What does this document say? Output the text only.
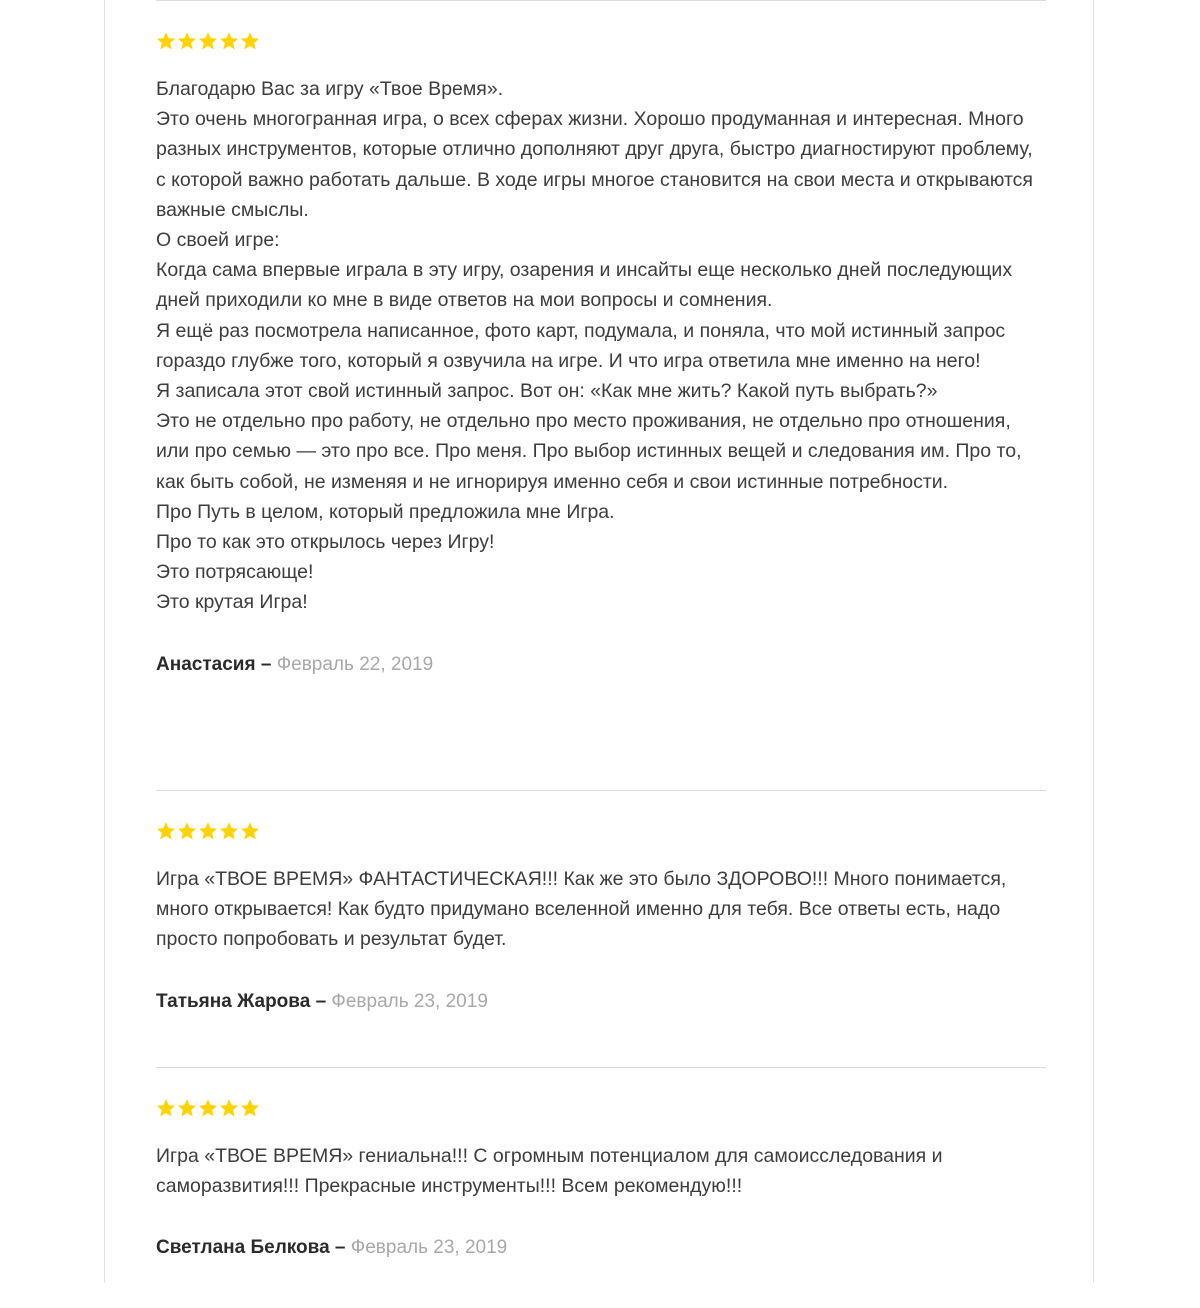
Благодарю Вас за игру «Твое Время».

Это очень многогранная игра, о всех сферах жизни. Хорошо продуманная и интересная. Много разных инструментов, которые отлично дополняют друг друга, быстро диагностируют проблему, с которой важно работать дальше. В ходе игры многое становится на свои места и открываются важные смыслы.

О своей игре:

Когда сама впервые играла в эту игру, озарения и инсайты еще несколько дней последующих дней приходили ко мне в виде ответов на мои вопросы и сомнения.

Я ещё раз посмотрела написанное, фото карт, подумала, и поняла, что мой истинный запрос гораздо глубже того, который я озвучила на игре. И что игра ответила мне именно на него!

Я записала этот свой истинный запрос. Вот он: «Как мне жить? Какой путь выбрать?»

Это не отдельно про работу, не отдельно про место проживания, не отдельно про отношения, или про семью — это про все. Про меня. Про выбор истинных вещей и следования им. Про то, как быть собой, не изменяя и не игнорируя именно себя и свои истинные потребности.

Про Путь в целом, который предложила мне Игра.

Про то как это открылось через Игру!

Это потрясающе!

Это крутая Игра!

Анастасия – Февраль 22, 2019

Игра «ТВОЕ ВРЕМЯ» ФАНТАСТИЧЕСКАЯ!!! Как же это было ЗДОРОВО!!! Много понимается, много открывается! Как будто придумано вселенной именно для тебя. Все ответы есть, надо просто попробовать и результат будет.

Татьяна Жарова – Февраль 23, 2019

Игра «ТВОЕ ВРЕМЯ» гениальна!!! С огромным потенциалом для самоисследования и саморазвития!!! Прекрасные инструменты!!! Всем рекомендую!!!

Светлана Белкова – Февраль 23, 2019
